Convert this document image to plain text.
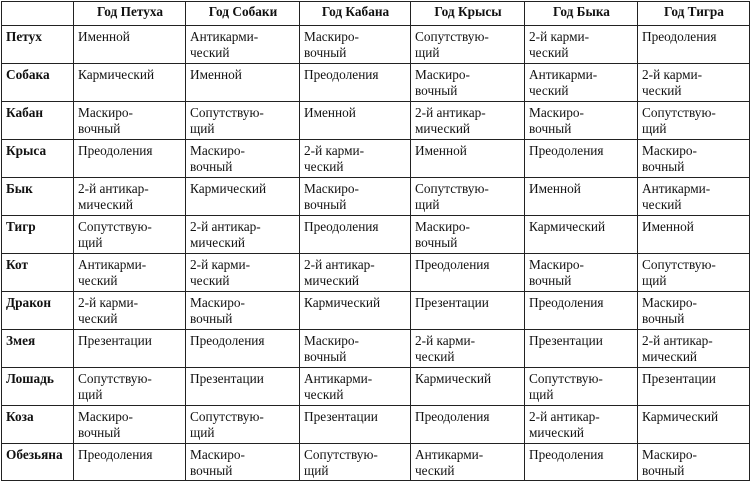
	Год Петуха	Год Собаки	Год Кабана	Год Крысы	Год Быка	Год Тигра
Петух	Именной	Антикарми-
ческий	Маскиро-
вочный	Сопутствую-
щий	2-й карми-
ческий	Преодоления

Собака	Кармический	Именной	Преодоления	Маскиро-
вочный	Антикарми-
ческий	2-й карми-
ческий

Кабан	Маскиро-
вочный	Сопутствую-
щий	Именной	2-й антикар-
мический	Маскиро-
вочный	Сопутствую-
щий

Крыса	Преодоления	Маскиро-
вочный	2-й карми-
ческий	Именной	Преодоления	Маскиро-
вочный

Бык	2-й антикар-
мический	Кармический	Маскиро-
вочный	Сопутствую-
щий	Именной	Антикарми-
ческий

Тигр	Сопутствую-
щий	2-й антикар-
мический	Преодоления	Маскиро-
вочный	Кармический	Именной

Кот	Антикарми-
ческий	2-й карми-
ческий	2-й антикар-
мический	Преодоления	Маскиро-
вочный	Сопутствую-
щий

Дракон	2-й карми-
ческий	Маскиро-
вочный	Кармический	Презентации	Преодоления	Маскиро-
вочный

Змея	Презентации	Преодоления	Маскиро-
вочный	2-й карми-
ческий	Презентации	2-й антикар-
мический

Лошадь	Сопутствую-
щий	Презентации	Антикарми-
ческий	Кармический	Сопутствую-
щий	Презентации

Коза	Маскиро-
вочный	Сопутствую-
щий	Презентации	Преодоления	2-й антикар-
мический	Кармический

Обезьяна	Преодоления	Маскиро-
вочный	Сопутствую-
щий	Антикарми-
ческий	Преодоления	Маскиро-
вочный
